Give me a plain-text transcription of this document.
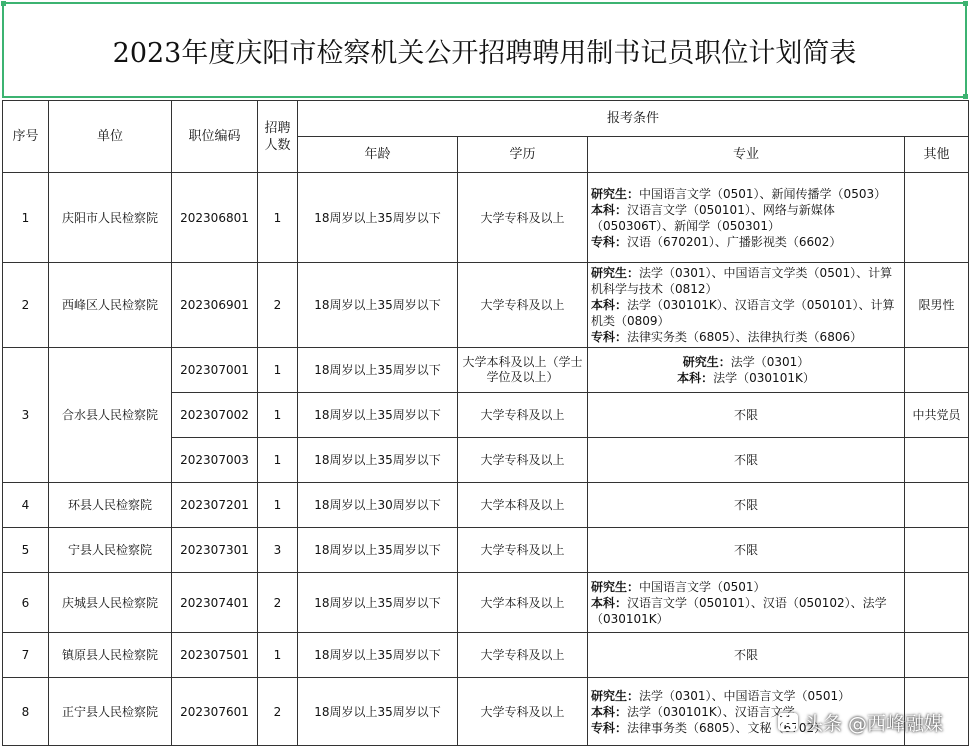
2023年度庆阳市检察机关公开招聘聘用制书记员职位计划简表
序号	单位	职位编码	招聘人数	报考条件			
				年龄	学历	专业	其他
1	庆阳市人民检察院	202306801	1	18周岁以上35周岁以下	大学专科及以上	研究生：中国语言文学（0501）、新闻传播学（0503）
本科：汉语言文学（050101）、网络与新媒体（050306T）、新闻学（050301）
专科：汉语（670201）、广播影视类（6602）	

2	西峰区人民检察院	202306901	2	18周岁以上35周岁以下	大学专科及以上	研究生：法学（0301）、中国语言文学类（0501）、计算机科学与技术（0812）
本科：法学（030101K）、汉语言文学（050101）、计算机类（0809）
专科：法律实务类（6805）、法律执行类（6806）	限男性
3	合水县人民检察院	202307001	1	18周岁以上35周岁以下	大学本科及以上（学士学位及以上）	研究生：法学（0301）
本科：法学（030101K）	

		202307002	1	18周岁以上35周岁以下	大学专科及以上	不限	中共党员
		202307003	1	18周岁以上35周岁以下	大学专科及以上	不限	
4	环县人民检察院	202307201	1	18周岁以上30周岁以下	大学本科及以上	不限	
5	宁县人民检察院	202307301	3	18周岁以上35周岁以下	大学专科及以上	不限	
6	庆城县人民检察院	202307401	2	18周岁以上35周岁以下	大学本科及以上	研究生：中国语言文学（0501）
本科：汉语言文学（050101）、汉语（050102）、法学（030101K）	

7	镇原县人民检察院	202307501	1	18周岁以上35周岁以下	大学专科及以上	不限	
8	正宁县人民检察院	202307601	2	18周岁以上35周岁以下	大学专科及以上	研究生：法学（0301）、中国语言文学（0501）
本科：法学（030101K）、汉语言文学
专科：法律事务类（6805）、文秘（6702）	

头条 @西峰融媒
